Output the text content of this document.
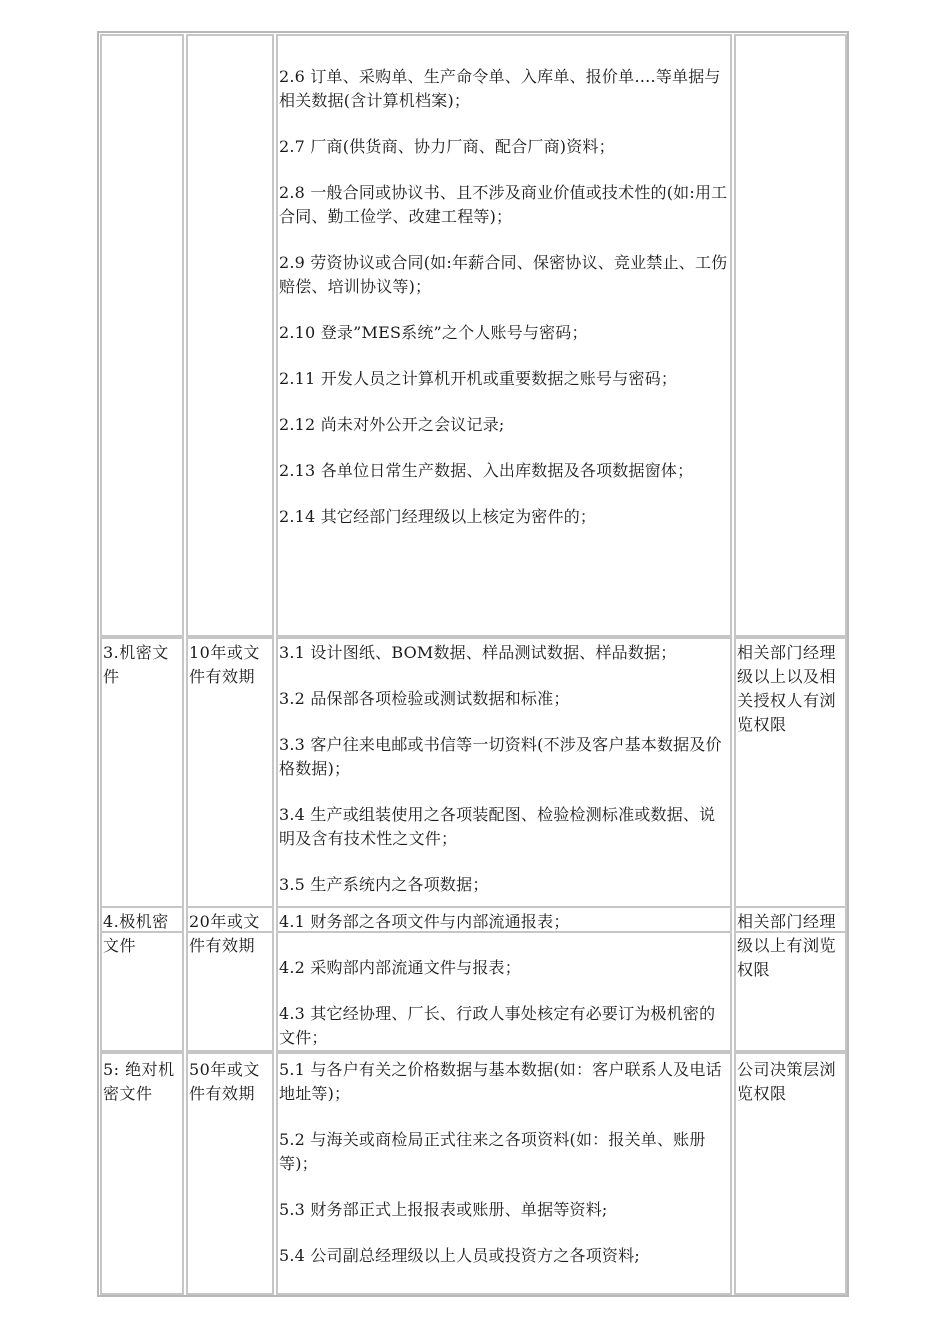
2.6 订单、采购单、生产命令单、入库单、报价单….等单据与相关数据(含计算机档案)；

2.7 厂商(供货商、协力厂商、配合厂商)资料；

2.8 一般合同或协议书、且不涉及商业价值或技术性的(如:用工合同、勤工俭学、改建工程等)；

2.9 劳资协议或合同(如:年薪合同、保密协议、竞业禁止、工伤赔偿、培训协议等)；

2.10 登录”MES系统”之个人账号与密码；

2.11 开发人员之计算机开机或重要数据之账号与密码；

2.12 尚未对外公开之会议记录;

2.13 各单位日常生产数据、入出库数据及各项数据窗体；

2.14 其它经部门经理级以上核定为密件的；

3.机密文件
10年或文件有效期

3.1 设计图纸、BOM数据、样品测试数据、样品数据；

3.2 品保部各项检验或测试数据和标准；

3.3 客户往来电邮或书信等一切资料(不涉及客户基本数据及价格数据)；

3.4 生产或组装使用之各项装配图、检验检测标准或数据、说明及含有技术性之文件；

3.5 生产系统内之各项数据；

相关部门经理级以上以及相关授权人有浏览权限
4.极机密文件
20年或文件有效期

4.1 财务部之各项文件与内部流通报表；

4.2 采购部内部流通文件与报表；

4.3 其它经协理、厂长、行政人事处核定有必要订为极机密的文件；

相关部门经理级以上有浏览权限
5: 绝对机密文件
50年或文件有效期

5.1 与各户有关之价格数据与基本数据(如：客户联系人及电话地址等)；

5.2 与海关或商检局正式往来之各项资料(如：报关单、账册等)；

5.3 财务部正式上报报表或账册、单据等资料;

5.4 公司副总经理级以上人员或投资方之各项资料;

公司决策层浏览权限
